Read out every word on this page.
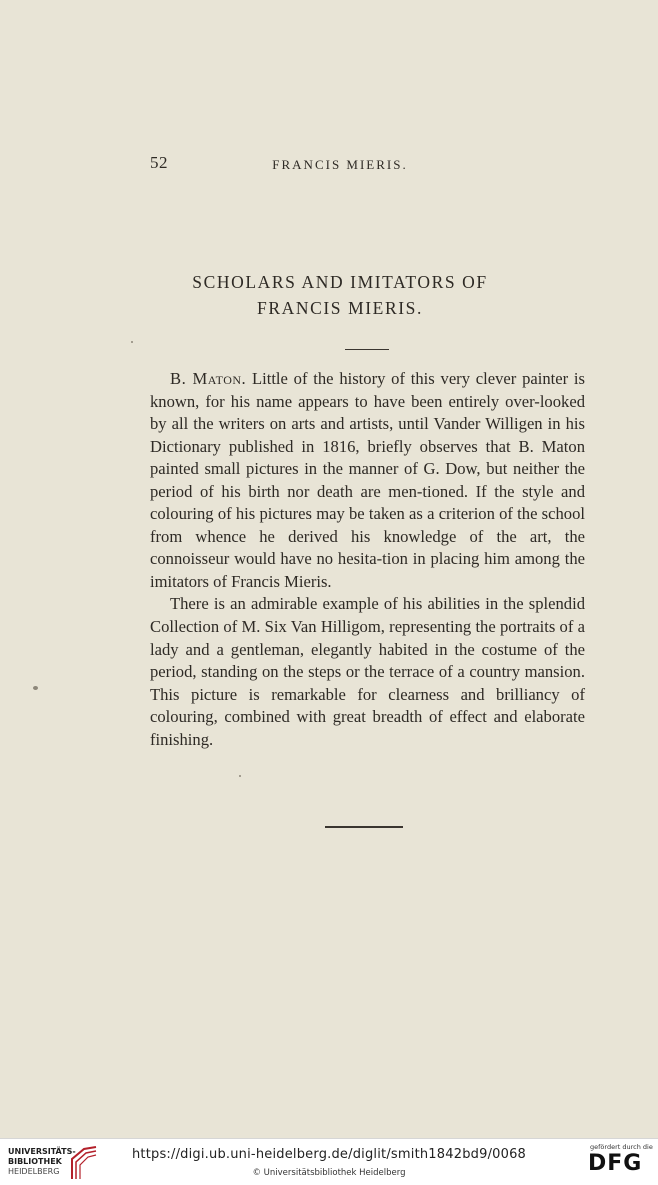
52	FRANCIS MIERIS.
SCHOLARS AND IMITATORS OF
FRANCIS MIERIS.

B. Maton. Little of the history of this very clever painter is known, for his name appears to have been entirely over-looked by all the writers on arts and artists, until Vander Willigen in his Dictionary published in 1816, briefly observes that B. Maton painted small pictures in the manner of G. Dow, but neither the period of his birth nor death are men-tioned. If the style and colouring of his pictures may be taken as a criterion of the school from whence he derived his knowledge of the art, the connoisseur would have no hesita-tion in placing him among the imitators of Francis Mieris.

There is an admirable example of his abilities in the splendid Collection of M. Six Van Hilligom, representing the portraits of a lady and a gentleman, elegantly habited in the costume of the period, standing on the steps or the terrace of a country mansion. This picture is remarkable for clearness and brilliancy of colouring, combined with great breadth of effect and elaborate finishing.

UNIVERSITÄTS-
BIBLIOTHEK
HEIDELBERG
https://digi.ub.uni-heidelberg.de/diglit/smith1842bd9/0068
© Universitätsbibliothek Heidelberg
gefördert durch die
DFG
